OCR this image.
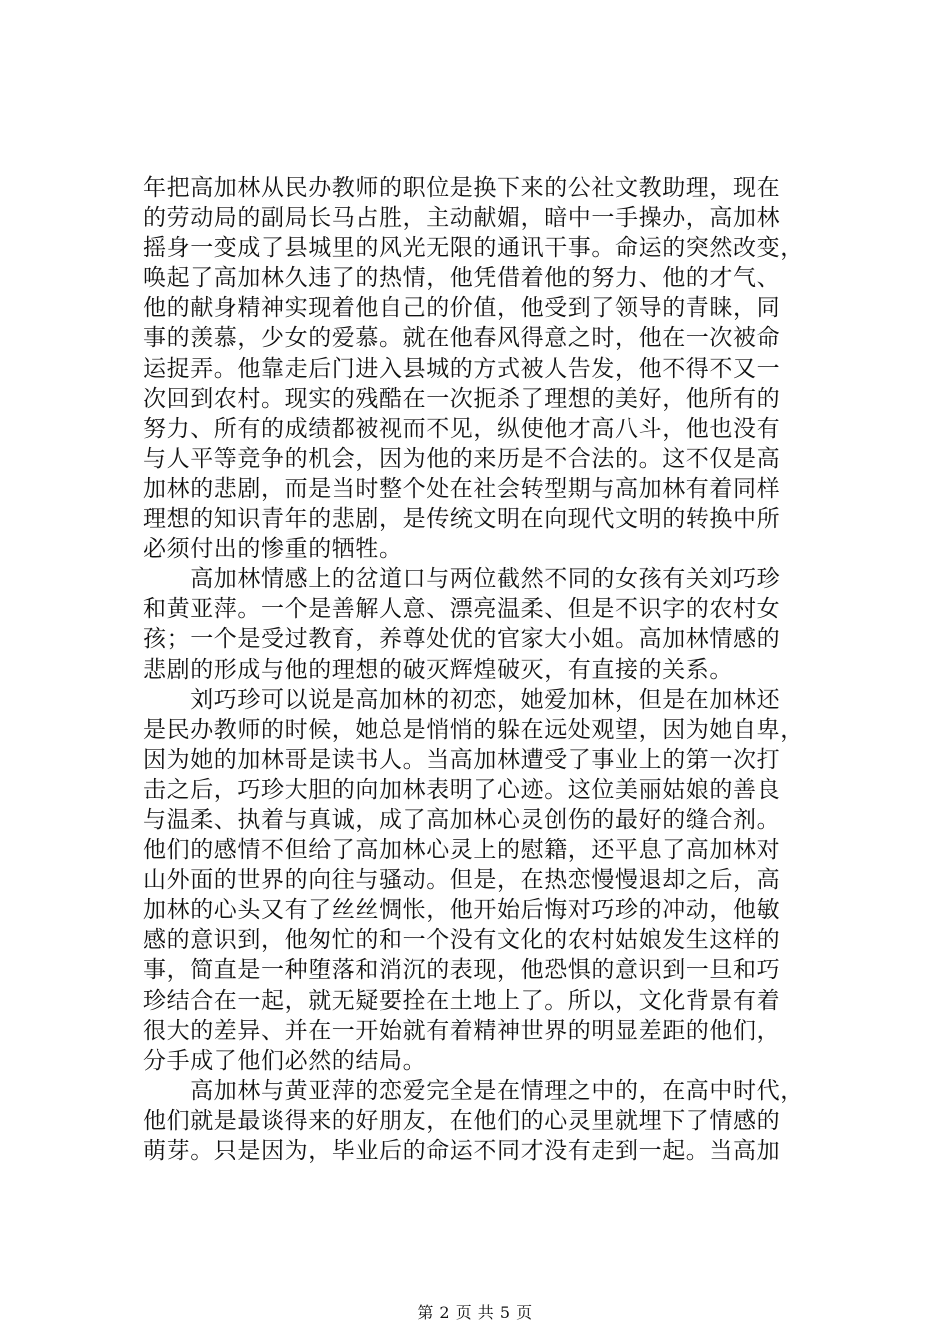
年把高加林从民办教师的职位是换下来的公社文教助理，现在
的劳动局的副局长马占胜，主动献媚，暗中一手操办，高加林
摇身一变成了县城里的风光无限的通讯干事。命运的突然改变，
唤起了高加林久违了的热情，他凭借着他的努力、他的才气、
他的献身精神实现着他自己的价值，他受到了领导的青睐，同
事的羡慕，少女的爱慕。就在他春风得意之时，他在一次被命
运捉弄。他靠走后门进入县城的方式被人告发，他不得不又一
次回到农村。现实的残酷在一次扼杀了理想的美好，他所有的
努力、所有的成绩都被视而不见，纵使他才高八斗，他也没有
与人平等竞争的机会，因为他的来历是不合法的。这不仅是高
加林的悲剧，而是当时整个处在社会转型期与高加林有着同样
理想的知识青年的悲剧，是传统文明在向现代文明的转换中所
必须付出的惨重的牺牲。
　　高加林情感上的岔道口与两位截然不同的女孩有关刘巧珍
和黄亚萍。一个是善解人意、漂亮温柔、但是不识字的农村女
孩；一个是受过教育，养尊处优的官家大小姐。高加林情感的
悲剧的形成与他的理想的破灭辉煌破灭，有直接的关系。
　　刘巧珍可以说是高加林的初恋，她爱加林，但是在加林还
是民办教师的时候，她总是悄悄的躲在远处观望，因为她自卑，
因为她的加林哥是读书人。当高加林遭受了事业上的第一次打
击之后，巧珍大胆的向加林表明了心迹。这位美丽姑娘的善良
与温柔、执着与真诚，成了高加林心灵创伤的最好的缝合剂。
他们的感情不但给了高加林心灵上的慰籍，还平息了高加林对
山外面的世界的向往与骚动。但是，在热恋慢慢退却之后，高
加林的心头又有了丝丝惆怅，他开始后悔对巧珍的冲动，他敏
感的意识到，他匆忙的和一个没有文化的农村姑娘发生这样的
事，简直是一种堕落和消沉的表现，他恐惧的意识到一旦和巧
珍结合在一起，就无疑要拴在土地上了。所以，文化背景有着
很大的差异、并在一开始就有着精神世界的明显差距的他们，
分手成了他们必然的结局。
　　高加林与黄亚萍的恋爱完全是在情理之中的，在高中时代，
他们就是最谈得来的好朋友，在他们的心灵里就埋下了情感的
萌芽。只是因为，毕业后的命运不同才没有走到一起。当高加
第 2 页 共 5 页
